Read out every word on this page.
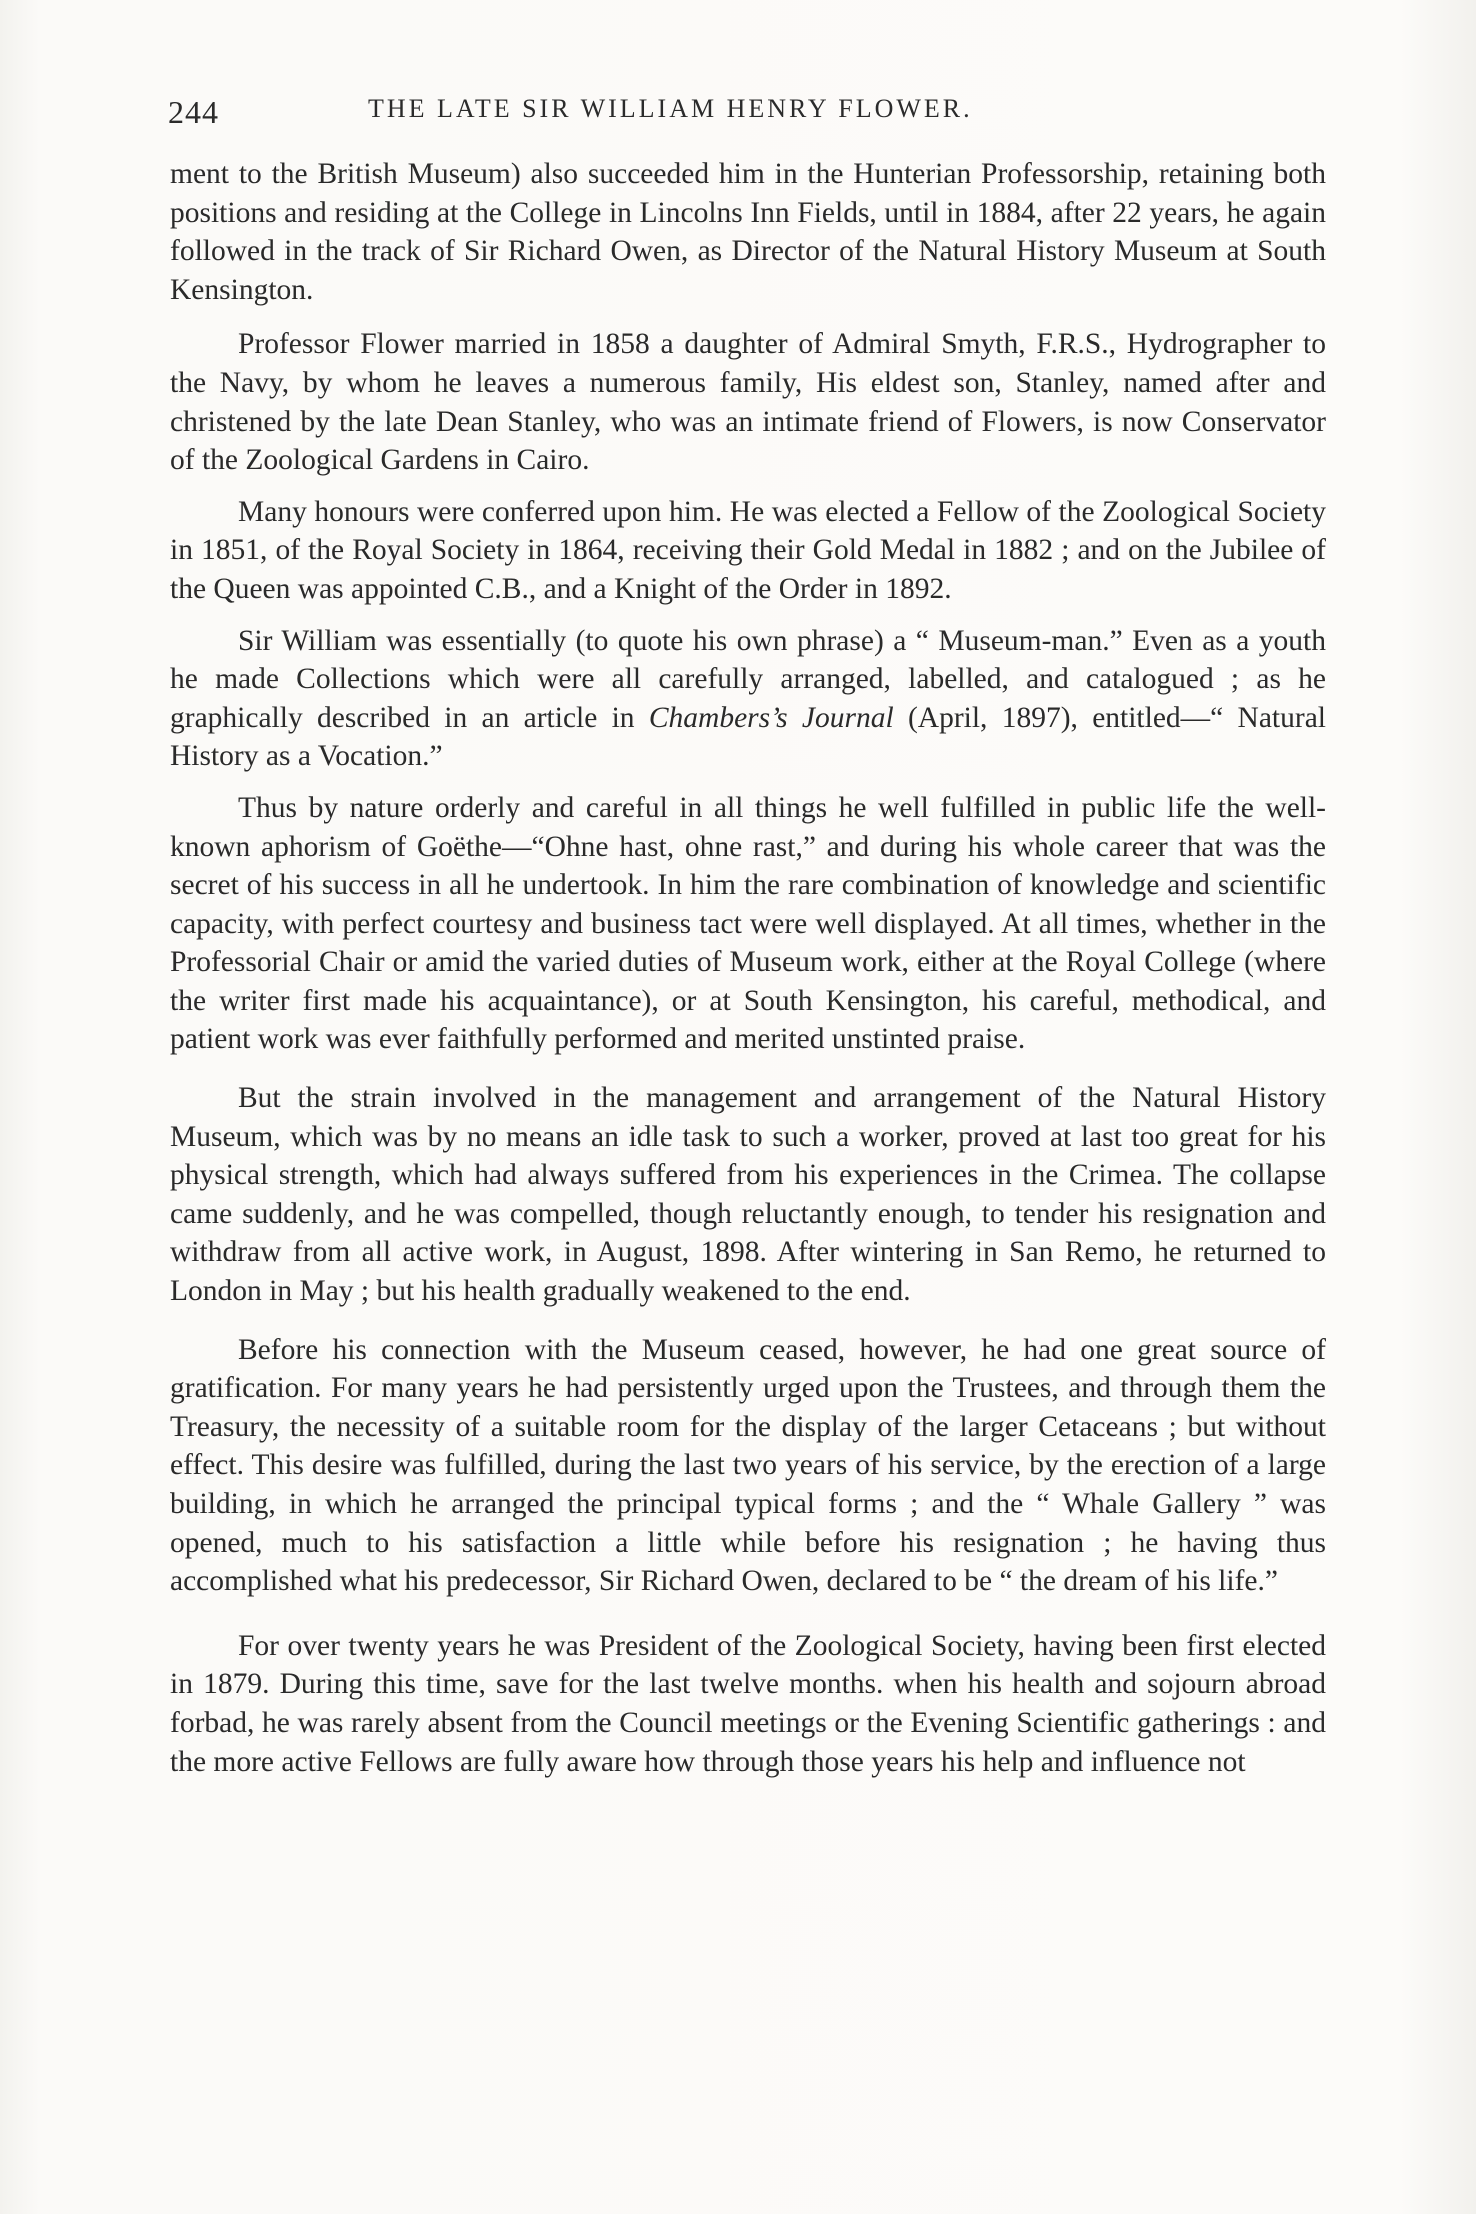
244	THE LATE SIR WILLIAM HENRY FLOWER.

ment to the British Museum) also succeeded him in the Hunterian Professorship, retaining both positions and residing at the College in Lincolns Inn Fields, until in 1884, after 22 years, he again followed in the track of Sir Richard Owen, as Director of the Natural History Museum at South Kensington.

Professor Flower married in 1858 a daughter of Admiral Smyth, F.R.S., Hydrographer to the Navy, by whom he leaves a numerous family, His eldest son, Stanley, named after and christened by the late Dean Stanley, who was an intimate friend of Flowers, is now Conservator of the Zoological Gardens in Cairo.

Many honours were conferred upon him. He was elected a Fellow of the Zoological Society in 1851, of the Royal Society in 1864, receiving their Gold Medal in 1882 ; and on the Jubilee of the Queen was appointed C.B., and a Knight of the Order in 1892.

Sir William was essentially (to quote his own phrase) a “ Museum-man.” Even as a youth he made Collections which were all carefully arranged, labelled, and catalogued ; as he graphically described in an article in Chambers’s Journal (April, 1897), entitled—“ Natural History as a Vocation.”

Thus by nature orderly and careful in all things he well fulfilled in public life the well-known aphorism of Goëthe—“Ohne hast, ohne rast,” and during his whole career that was the secret of his success in all he undertook. In him the rare combination of knowledge and scientific capacity, with perfect courtesy and business tact were well displayed. At all times, whether in the Professorial Chair or amid the varied duties of Museum work, either at the Royal College (where the writer first made his acquaintance), or at South Kensington, his careful, methodical, and patient work was ever faithfully performed and merited unstinted praise.

But the strain involved in the management and arrangement of the Natural History Museum, which was by no means an idle task to such a worker, proved at last too great for his physical strength, which had always suffered from his experiences in the Crimea. The collapse came suddenly, and he was compelled, though reluctantly enough, to tender his resignation and withdraw from all active work, in August, 1898. After wintering in San Remo, he returned to London in May ; but his health gradually weakened to the end.

Before his connection with the Museum ceased, however, he had one great source of gratification. For many years he had persistently urged upon the Trustees, and through them the Treasury, the necessity of a suitable room for the display of the larger Cetaceans ; but without effect. This desire was fulfilled, during the last two years of his service, by the erection of a large building, in which he arranged the principal typical forms ; and the “ Whale Gallery ” was opened, much to his satisfaction a little while before his resignation ; he having thus accomplished what his predecessor, Sir Richard Owen, declared to be “ the dream of his life.”

For over twenty years he was President of the Zoological Society, having been first elected in 1879. During this time, save for the last twelve months. when his health and sojourn abroad forbad, he was rarely absent from the Council meetings or the Evening Scientific gatherings : and the more active Fellows are fully aware how through those years his help and influence not
